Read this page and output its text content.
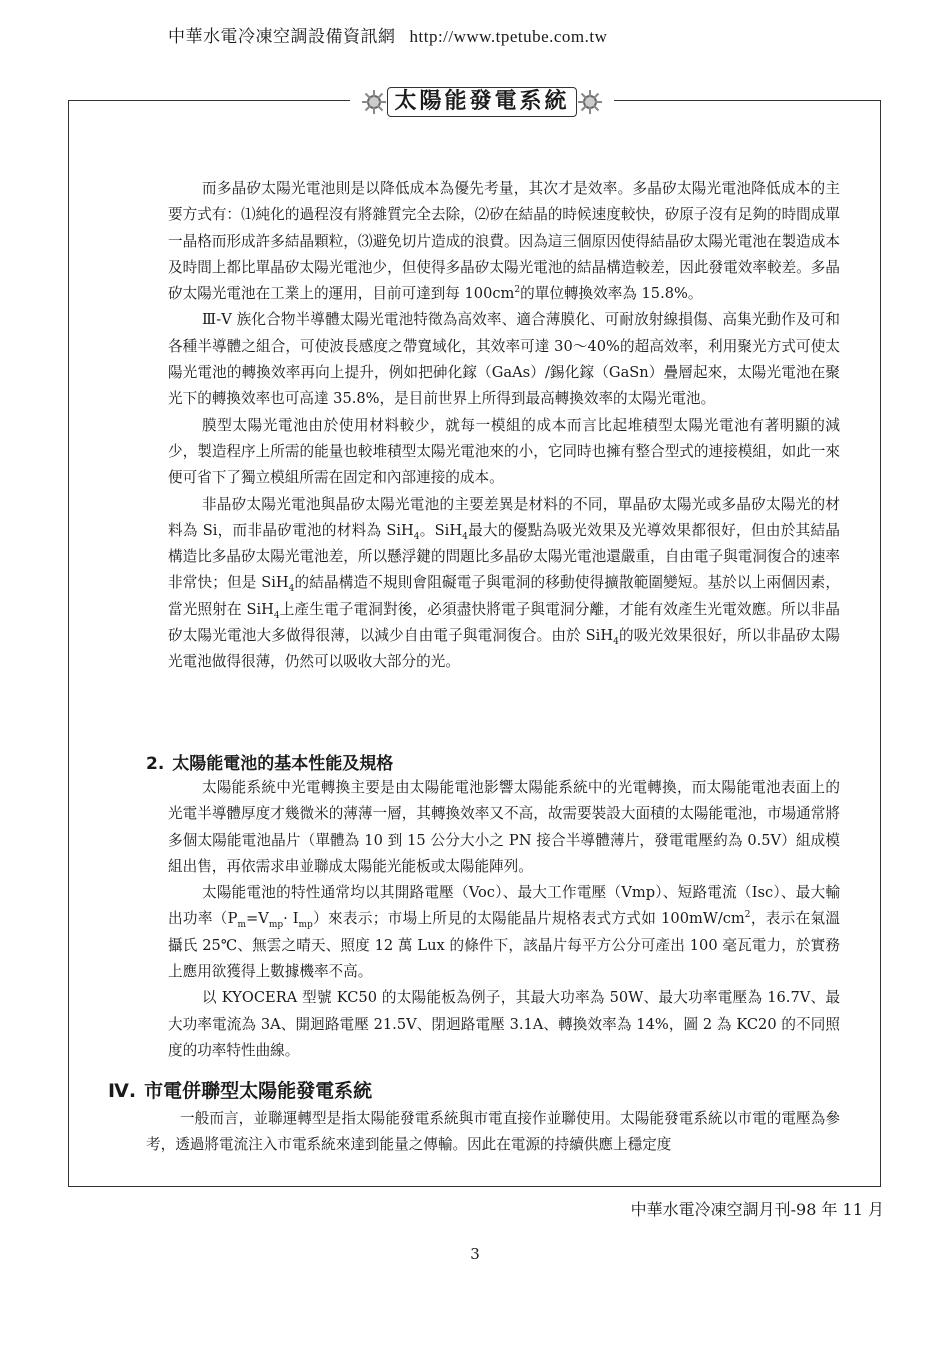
中華水電冷凍空調設備資訊網 http://www.tpetube.com.tw
太陽能發電系統

而多晶矽太陽光電池則是以降低成本為優先考量，其次才是效率。多晶矽太陽光電池降低成本的主要方式有：⑴純化的過程沒有將雜質完全去除，⑵矽在結晶的時候速度較快，矽原子沒有足夠的時間成單一晶格而形成許多結晶顆粒，⑶避免切片造成的浪費。因為這三個原因使得結晶矽太陽光電池在製造成本及時間上都比單晶矽太陽光電池少，但使得多晶矽太陽光電池的結晶構造較差，因此發電效率較差。多晶矽太陽光電池在工業上的運用，目前可達到每 $100cm^2$的單位轉換效率為 15.8%。

Ⅲ-Ⅴ 族化合物半導體太陽光電池特徵為高效率、適合薄膜化、可耐放射線損傷、高集光動作及可和各種半導體之組合，可使波長感度之帶寬域化，其效率可達 30～40%的超高效率，利用聚光方式可使太陽光電池的轉換效率再向上提升，例如把砷化鎵（GaAs）/錫化鎵（GaSn）疊層起來，太陽光電池在聚光下的轉換效率也可高達 35.8%，是目前世界上所得到最高轉換效率的太陽光電池。

膜型太陽光電池由於使用材料較少，就每一模組的成本而言比起堆積型太陽光電池有著明顯的減少，製造程序上所需的能量也較堆積型太陽光電池來的小，它同時也擁有整合型式的連接模組，如此一來便可省下了獨立模組所需在固定和內部連接的成本。

非晶矽太陽光電池與晶矽太陽光電池的主要差異是材料的不同，單晶矽太陽光或多晶矽太陽光的材料為 Si，而非晶矽電池的材料為 SiH$_4$。SiH$_4$最大的優點為吸光效果及光導效果都很好，但由於其結晶構造比多晶矽太陽光電池差，所以懸浮鍵的問題比多晶矽太陽光電池還嚴重，自由電子與電洞復合的速率非常快；但是 SiH$_4$的結晶構造不規則會阻礙電子與電洞的移動使得擴散範圍變短。基於以上兩個因素，當光照射在 SiH$_4$上產生電子電洞對後，必須盡快將電子與電洞分離，才能有效產生光電效應。所以非晶矽太陽光電池大多做得很薄，以減少自由電子與電洞復合。由於 SiH$_4$的吸光效果很好，所以非晶矽太陽光電池做得很薄，仍然可以吸收大部分的光。

2. 太陽能電池的基本性能及規格

太陽能系統中光電轉換主要是由太陽能電池影響太陽能系統中的光電轉換，而太陽能電池表面上的光電半導體厚度才幾微米的薄薄一層，其轉換效率又不高，故需要裝設大面積的太陽能電池，市場通常將多個太陽能電池晶片（單體為 10 到 15 公分大小之 PN 接合半導體薄片，發電電壓約為 0.5V）組成模組出售，再依需求串並聯成太陽能光能板或太陽能陣列。

太陽能電池的特性通常均以其開路電壓（Voc）、最大工作電壓（Vmp）、短路電流（Isc）、最大輸出功率$(P_m=V_{mp}\cdot I_{mp})$來表示；市場上所見的太陽能晶片規格表式方式如 $100mW/cm^2$，表示在氣溫攝氏 25℃、無雲之晴天、照度 12 萬 Lux 的條件下，該晶片每平方公分可產出 100 毫瓦電力，於實務上應用欲獲得上數據機率不高。

以 KYOCERA 型號 KC50 的太陽能板為例子，其最大功率為 50W、最大功率電壓為 16.7V、最大功率電流為 3A、開迴路電壓 21.5V、閉迴路電壓 3.1A、轉換效率為 14%，圖 2 為 KC20 的不同照度的功率特性曲線。

Ⅳ. 市電併聯型太陽能發電系統

一般而言，並聯運轉型是指太陽能發電系統與市電直接作並聯使用。太陽能發電系統以市電的電壓為參考，透過將電流注入市電系統來達到能量之傳輸。因此在電源的持續供應上穩定度

中華水電冷凍空調月刊-98 年 11 月
3
